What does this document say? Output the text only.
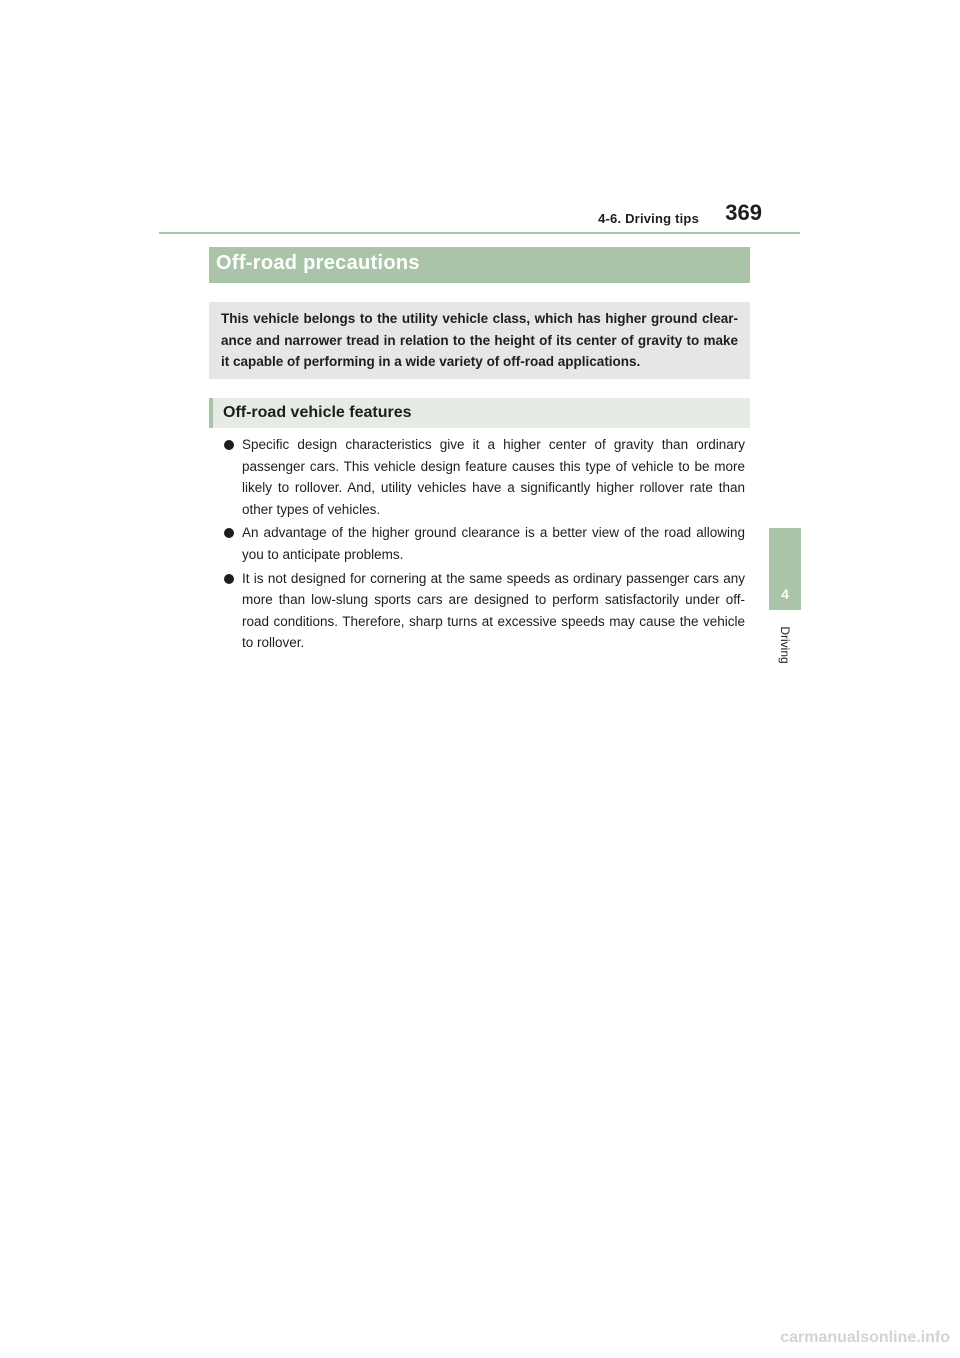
4-6. Driving tips	369
4
Driving
Off-road precautions

This vehicle belongs to the utility vehicle class, which has higher ground clear-ance and narrower tread in relation to the height of its center of gravity to make it capable of performing in a wide variety of off-road applications.

Off-road vehicle features
Specific design characteristics give it a higher center of gravity than ordinary passenger cars. This vehicle design feature causes this type of vehicle to be more likely to rollover. And, utility vehicles have a significantly higher rollover rate than other types of vehicles.
An advantage of the higher ground clearance is a better view of the road allowing you to anticipate problems.
It is not designed for cornering at the same speeds as ordinary passenger cars any more than low-slung sports cars are designed to perform satisfactorily under off-road conditions. Therefore, sharp turns at excessive speeds may cause the vehicle to rollover.
carmanualsonline.info
